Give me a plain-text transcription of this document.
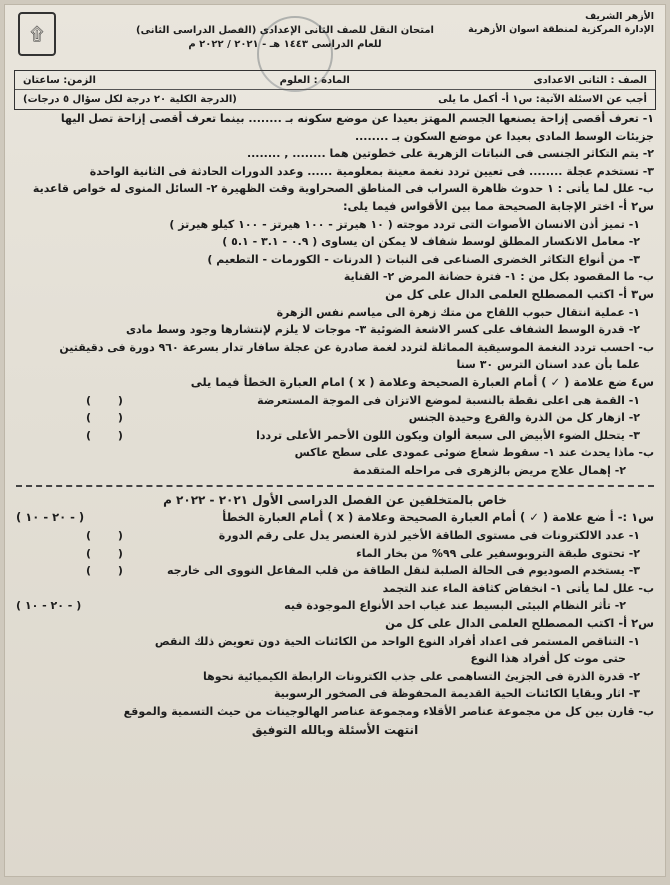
الأزهر الشريف
الإدارة المركزية لمنطقة اسوان الأزهرية
امتحان النقل للصف الثانى الإعدادى (الفصل الدراسى الثانى)
للعام الدراسى ١٤٤٣ هـ - ٢٠٢١ / ٢٠٢٢ م
۩
الصف : الثانى الاعدادى
المادة : العلوم
الزمن: ساعتان
أجب عن الاسئلة الآتية: س١ أ- أكمل ما يلى
(الدرجة الكلية ٢٠ درجة لكل سؤال ٥ درجات)
١- تعرف أقصى إزاحة يصنعها الجسم المهتز بعيدا عن موضع سكونه بـ ........ بينما تعرف أقصى إزاحة تصل اليها
جزيئات الوسط المادى بعيدا عن موضع السكون بـ ........
٢- يتم التكاثر الجنسى فى النباتات الزهرية على خطوتين هما ........ , ........
٣- تستخدم عجلة ........ فى تعيين تردد نغمة معينة بمعلومية ...... وعدد الدورات الحادثة فى الثانية الواحدة
ب- علل لما يأتى : ١ حدوث ظاهرة السراب فى المناطق الصحراوية وقت الظهيرة ٢- السائل المنوى له خواص قاعدية
س٢ أ- اختر الإجابة الصحيحة مما بين الأقواس فيما يلى:
١- تميز أذن الانسان الأصوات التى تردد موجته ( ١٠ هيرتز - ١٠٠ هيرتز - ١٠٠ كيلو هيرتز )
٢- معامل الانكسار المطلق لوسط شفاف لا يمكن ان يساوى ( ٠.٩ - ٣.١ - ٥.١ )
٣- من أنواع التكاثر الخضرى الصناعى فى النبات ( الدرنات - الكورمات - التطعيم )
ب- ما المقصود بكل من : ١- فترة حضانة المرض ٢- القناية
س٣ أ- اكتب المصطلح العلمى الدال على كل من
١- عملية انتقال حبوب اللقاح من متك زهرة الى مياسم نفس الزهرة
٢- قدرة الوسط الشفاف على كسر الاشعة الضوئية ٣- موجات لا يلزم لإنتشارها وجود وسط مادى
ب- احسب تردد النغمة الموسيقية المماثلة لتردد لغمة صادرة عن عجلة سافار تدار بسرعة ٩٦٠ دورة فى دقيقتين
علما بأن عدد اسنان الترس ٣٠ سنا
س٤ ضع علامة ( ✓ ) أمام العبارة الصحيحة وعلامة ( x ) امام العبارة الخطأ فيما يلى
١- القمة هى اعلى نقطة بالنسبة لموضع الاتزان فى الموجة المستعرضة
(       )
٢- ازهار كل من الذرة والقرع وحيدة الجنس
(       )
٣- يتحلل الضوء الأبيض الى سبعة ألوان ويكون اللون الأحمر الأعلى ترددا
(       )
ب- ماذا يحدث عند ١- سقوط شعاع ضوئى عمودى على سطح عاكس
٢- إهمال علاج مريض بالزهرى فى مراحله المتقدمة
خاص بالمتخلفين عن الفصل الدراسى الأول ٢٠٢١ - ٢٠٢٢ م
س١ :- أ ضع علامة ( ✓ ) أمام العبارة الصحيحة وعلامة ( x ) أمام العبارة الخطأ
( ٢٠ - ١٠ - )
١- عدد الالكترونات فى مستوى الطاقة الأخير لذرة العنصر يدل على رقم الدورة
(       )
٢- تحتوى طبقة التروبوسفير على ٩٩% من بخار الماء
(       )
٣- يستخدم الصوديوم فى الحالة الصلبة لنقل الطاقة من قلب المفاعل النووى الى خارجه
(       )
ب- علل لما يأتى ١- انخفاض كثافة الماء عند التجمد
٢- تأثر النظام البيئى البسيط عند غياب احد الأنواع الموجودة فيه
( ٢٠ - ١٠ - )
س٢ أ- اكتب المصطلح العلمى الدال على كل من
١- التناقص المستمر فى اعداد أفراد النوع الواحد من الكائنات الحية دون تعويض ذلك النقص
حتى موت كل أفراد هذا النوع
٢- قدرة الذرة فى الجزيئ التساهمى على جذب الكترونات الرابطة الكيميائية نحوها
٣- اثار وبقايا الكائنات الحية القديمة المحفوظة فى الصخور الرسوبية
ب- قارن بين كل من مجموعة عناصر الأقلاء ومجموعة عناصر الهالوجينات من حيث التسمية والموقع
انتهت الأسئلة وبالله التوفيق
